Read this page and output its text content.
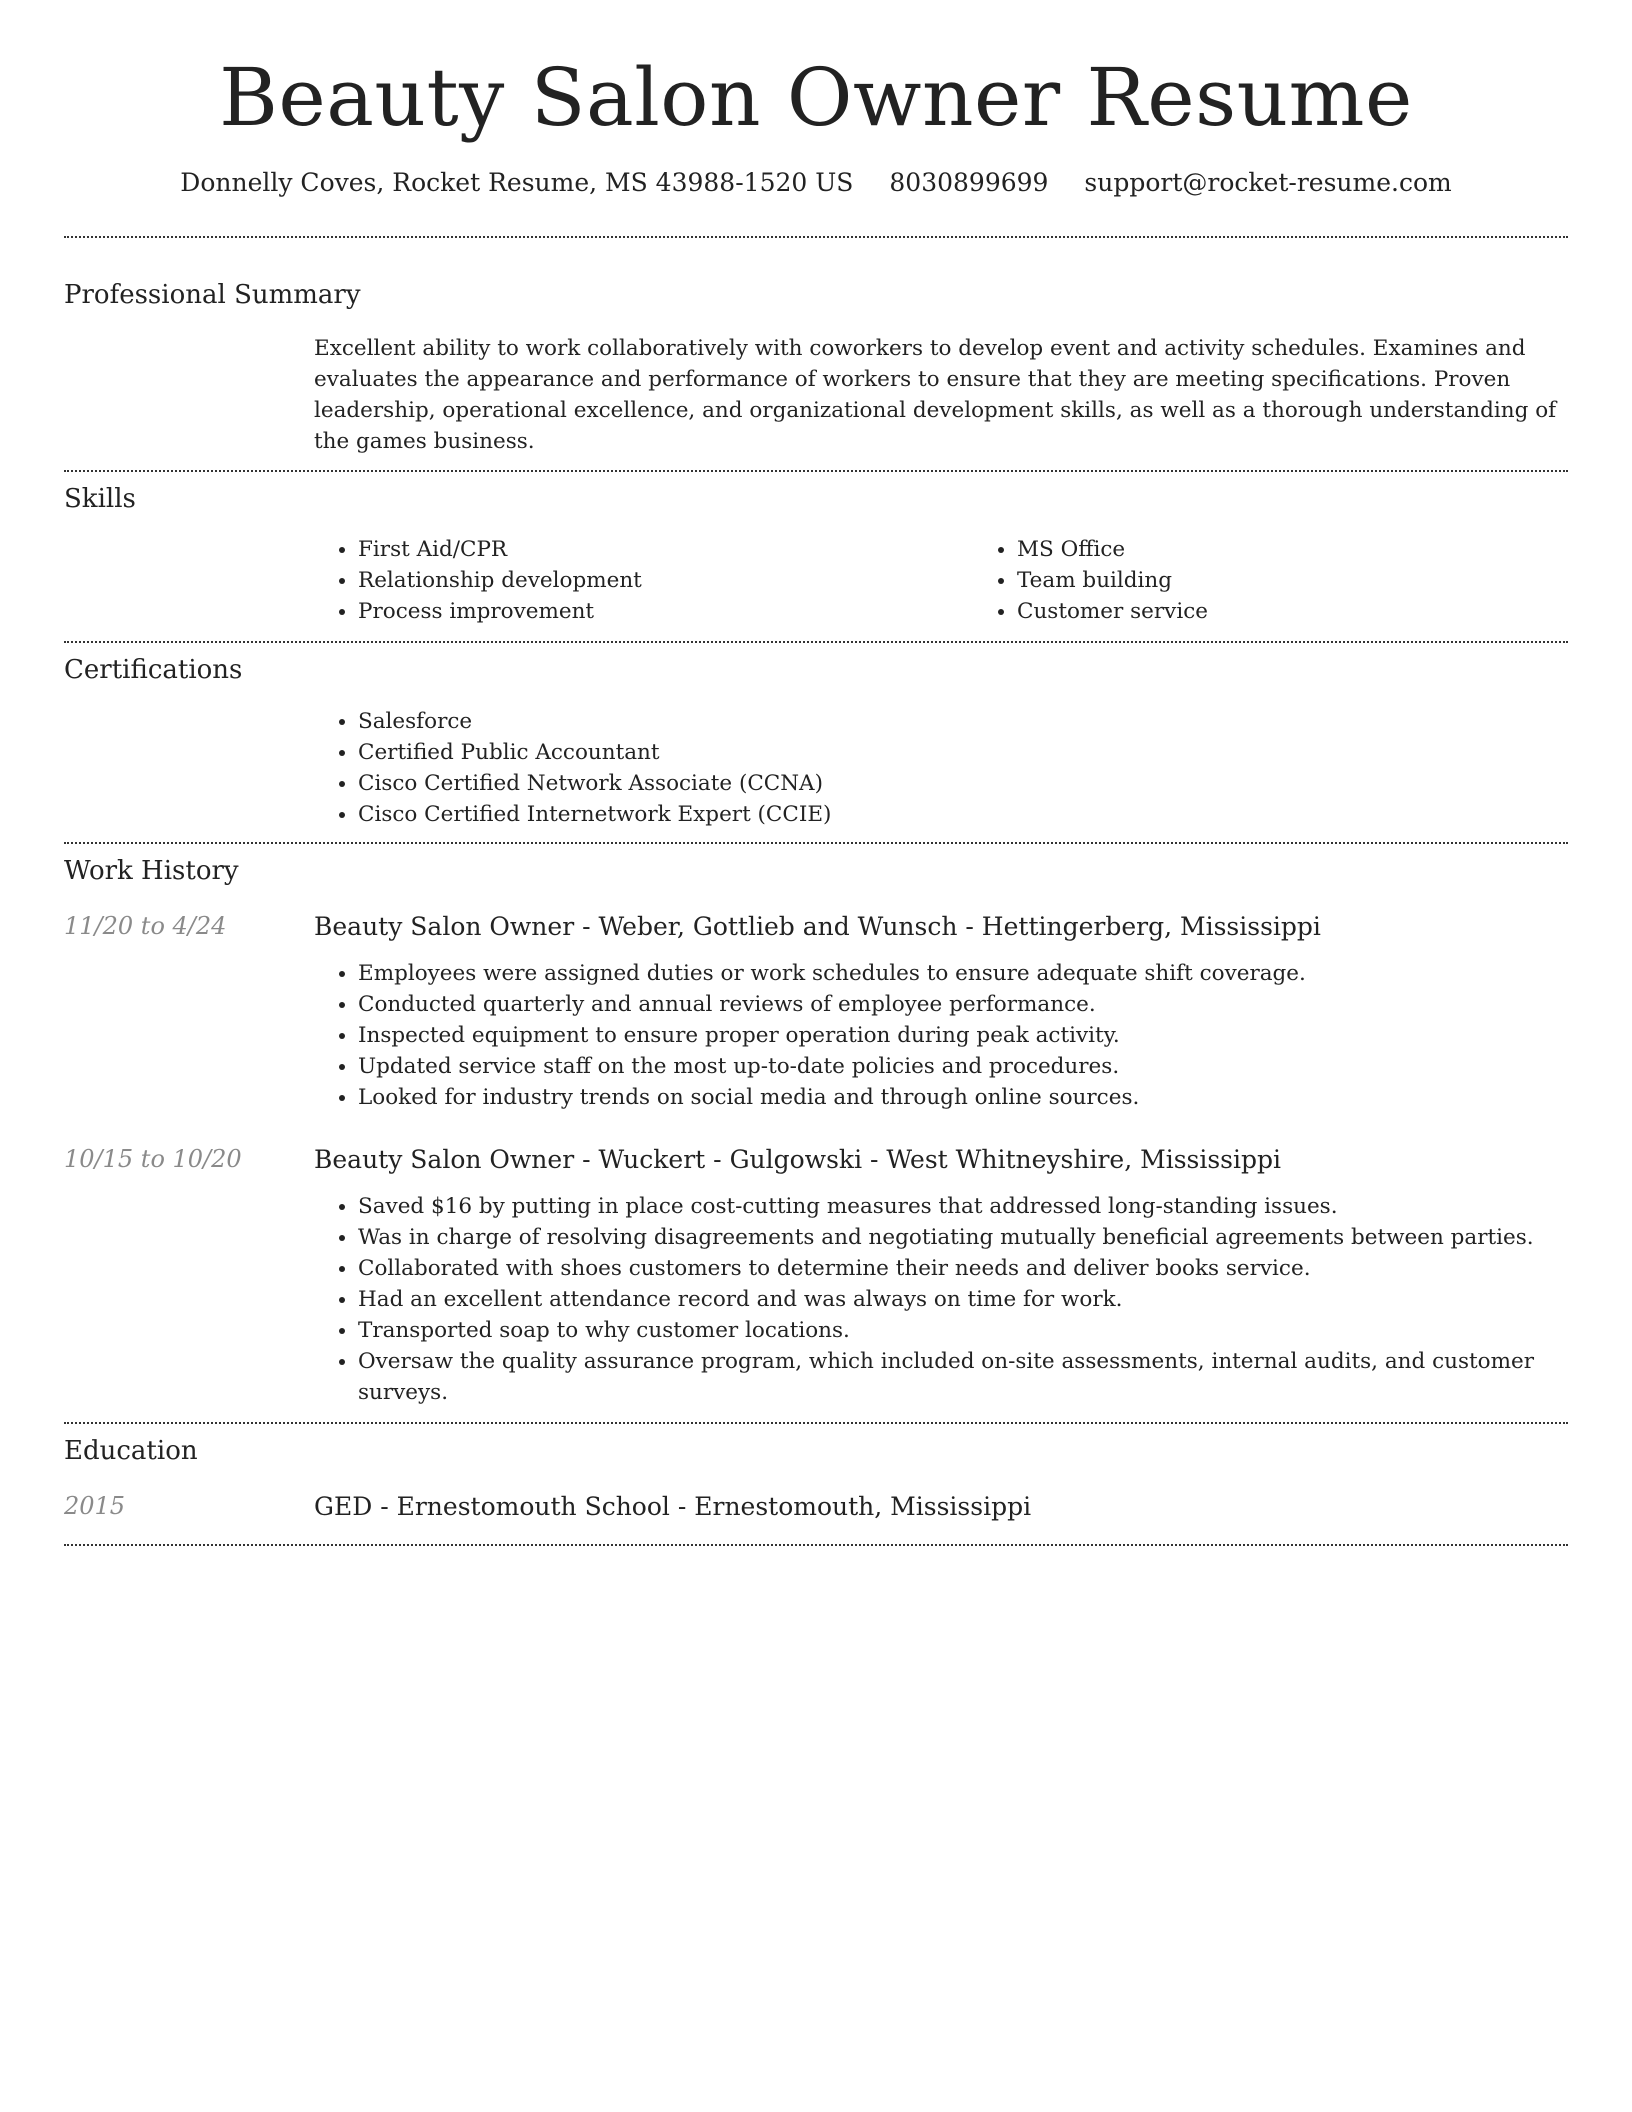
Beauty Salon Owner Resume
Donnelly Coves, Rocket Resume, MS 43988-1520 US 8030899699 support@rocket-resume.com
Professional Summary
Excellent ability to work collaboratively with coworkers to develop event and activity schedules. Examines and evaluates the appearance and performance of workers to ensure that they are meeting specifications. Proven leadership, operational excellence, and organizational development skills, as well as a thorough understanding of the games business.
Skills
• First Aid/CPR
• Relationship development
• Process improvement
• MS Office
• Team building
• Customer service
Certifications
• Salesforce
• Certified Public Accountant
• Cisco Certified Network Associate (CCNA)
• Cisco Certified Internetwork Expert (CCIE)
Work History
11/20 to 4/24	Beauty Salon Owner - Weber, Gottlieb and Wunsch - Hettingerberg, Mississippi
• Employees were assigned duties or work schedules to ensure adequate shift coverage.
• Conducted quarterly and annual reviews of employee performance.
• Inspected equipment to ensure proper operation during peak activity.
• Updated service staff on the most up-to-date policies and procedures.
• Looked for industry trends on social media and through online sources.
10/15 to 10/20	Beauty Salon Owner - Wuckert - Gulgowski - West Whitneyshire, Mississippi
• Saved $16 by putting in place cost-cutting measures that addressed long-standing issues.
• Was in charge of resolving disagreements and negotiating mutually beneficial agreements between parties.
• Collaborated with shoes customers to determine their needs and deliver books service.
• Had an excellent attendance record and was always on time for work.
• Transported soap to why customer locations.
• Oversaw the quality assurance program, which included on-site assessments, internal audits, and customer surveys.
Education
2015	GED - Ernestomouth School - Ernestomouth, Mississippi
